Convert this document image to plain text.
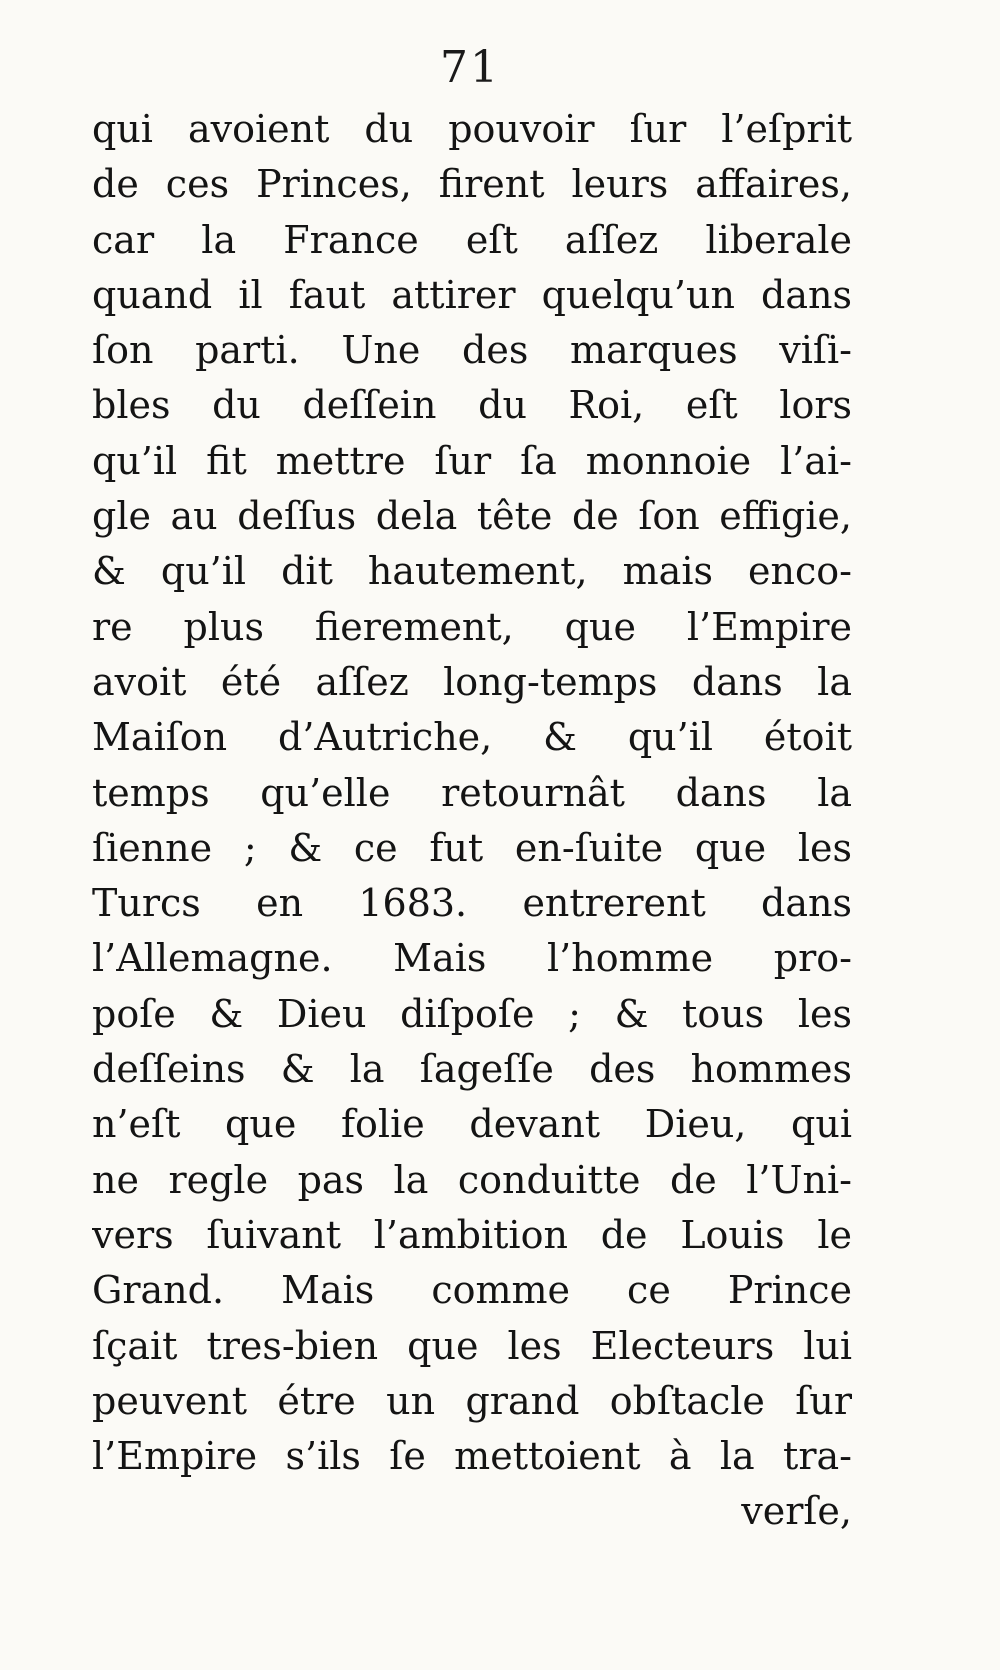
71
qui avoient du pouvoir ſur l’eſprit
de ces Princes, firent leurs affaires,
car la France eſt aſſez liberale
quand il faut attirer quelqu’un dans
ſon parti. Une des marques viſi-
bles du deſſein du Roi, eſt lors
qu’il fit mettre ſur ſa monnoie l’ai-
gle au deſſus dela tête de ſon effigie,
& qu’il dit hautement, mais enco-
re plus fierement, que l’Empire
avoit été aſſez long-temps dans la
Maiſon d’Autriche, & qu’il étoit
temps qu’elle retournât dans la
ſienne ; & ce fut en-ſuite que les
Turcs en 1683. entrerent dans
l’Allemagne. Mais l’homme pro-
poſe & Dieu diſpoſe ; & tous les
deſſeins & la ſageſſe des hommes
n’eſt que folie devant Dieu, qui
ne regle pas la conduitte de l’Uni-
vers ſuivant l’ambition de Louis le
Grand. Mais comme ce Prince
ſçait tres-bien que les Electeurs lui
peuvent étre un grand obſtacle ſur
l’Empire s’ils ſe mettoient à la tra-
verſe,
